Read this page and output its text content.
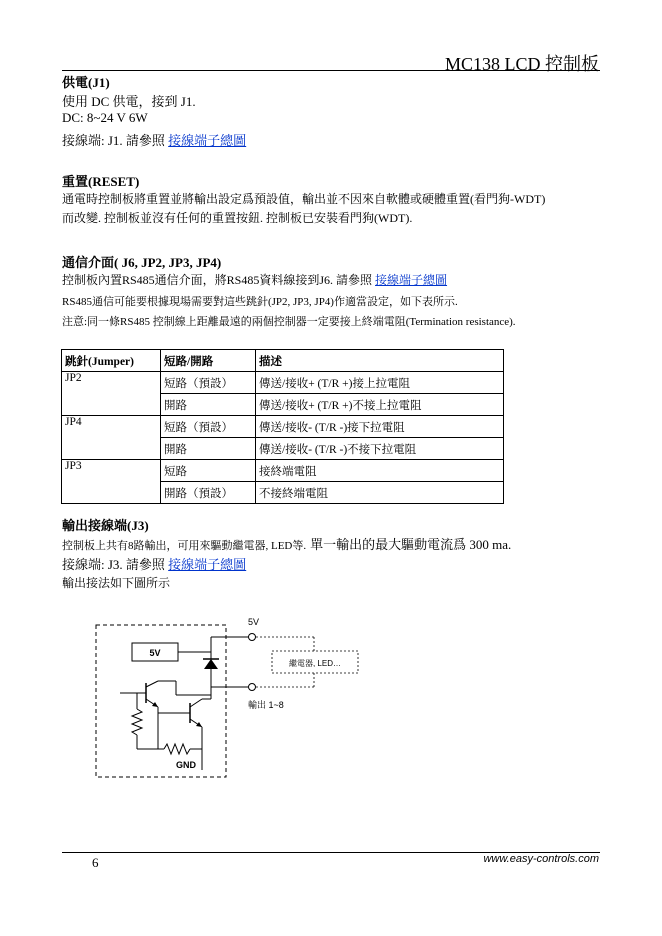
MC138 LCD 控制板
供電(J1)
使用 DC 供電，接到 J1.
DC: 8~24 V 6W
接線端: J1. 請參照 接線端子總圖
重置(RESET)
通電時控制板將重置並將輸出設定爲預設值，輸出並不因來自軟體或硬體重置(看門狗-WDT)
而改變. 控制板並沒有任何的重置按鈕. 控制板已安裝看門狗(WDT).
通信介面( J6, JP2, JP3, JP4)
控制板內置RS485通信介面，將RS485資料線接到J6. 請參照 接線端子總圖
RS485通信可能要根據現場需要對這些跳針(JP2, JP3, JP4)作適當設定，如下表所示.
注意:同一條RS485 控制線上距離最遠的兩個控制器一定要接上終端電阻(Termination resistance).
跳針(Jumper)	短路/開路	描述
JP2	短路（預設）	傳送/接收+ (T/R +)接上拉電阻
	開路	傳送/接收+ (T/R +)不接上拉電阻
JP4	短路（預設）	傳送/接收- (T/R -)接下拉電阻
	開路	傳送/接收- (T/R -)不接下拉電阻
JP3	短路	接終端電阻
	開路（預設）	不接終端電阻
輸出接線端(J3)
控制板上共有8路輸出，可用來驅動繼電器, LED等. 單一輸出的最大驅動電流爲 300 ma.
接線端: J3. 請參照 接線端子總圖
輸出接法如下圖所示
5V
5V
繼電器, LED…
輸出 1~8
GND
6	www.easy-controls.com
